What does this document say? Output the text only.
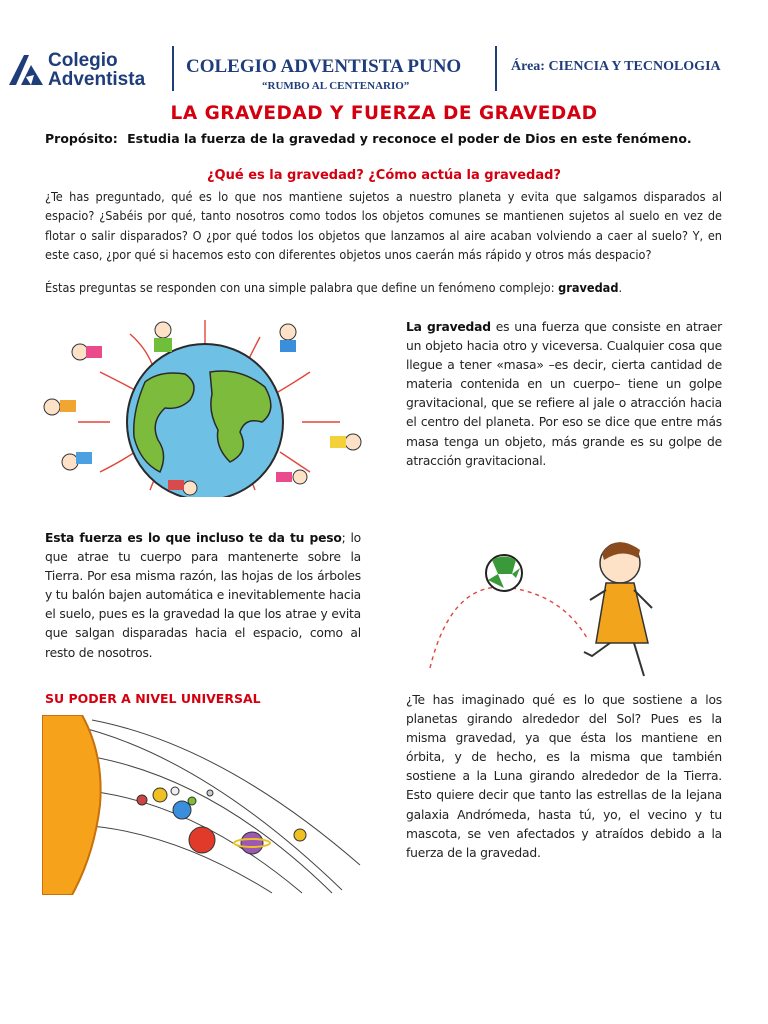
Colegio
Adventista
COLEGIO ADVENTISTA PUNO
“RUMBO AL CENTENARIO”
Área: CIENCIA Y TECNOLOGIA
LA GRAVEDAD Y FUERZA DE GRAVEDAD
Propósito: Estudia la fuerza de la gravedad y reconoce el poder de Dios en este fenómeno.
¿Qué es la gravedad? ¿Cómo actúa la gravedad?
¿Te has preguntado, qué es lo que nos mantiene sujetos a nuestro planeta y evita que salgamos disparados al espacio? ¿Sabéis por qué, tanto nosotros como todos los objetos comunes se mantienen sujetos al suelo en vez de flotar o salir disparados? O ¿por qué todos los objetos que lanzamos al aire acaban volviendo a caer al suelo? Y, en este caso, ¿por qué si hacemos esto con diferentes objetos unos caerán más rápido y otros más despacio?
Éstas preguntas se responden con una simple palabra que define un fenómeno complejo: gravedad.
La gravedad es una fuerza que consiste en atraer un objeto hacia otro y viceversa. Cualquier cosa que llegue a tener «masa» –es decir, cierta cantidad de materia contenida en un cuerpo– tiene un golpe gravitacional, que se refiere al jale o atracción hacia el centro del planeta. Por eso se dice que entre más masa tenga un objeto, más grande es su golpe de atracción gravitacional.
Esta fuerza es lo que incluso te da tu peso; lo que atrae tu cuerpo para mantenerte sobre la Tierra. Por esa misma razón, las hojas de los árboles y tu balón bajen automática e inevitablemente hacia el suelo, pues es la gravedad la que los atrae y evita que salgan disparadas hacia el espacio, como al resto de nosotros.
SU PODER A NIVEL UNIVERSAL	¿Te has imaginado qué es lo que sostiene a los planetas girando alrededor del Sol? Pues es la misma gravedad, ya que ésta los mantiene en órbita, y de hecho, es la misma que también sostiene a la Luna girando alrededor de la Tierra. Esto quiere decir que tanto las estrellas de la lejana galaxia Andrómeda, hasta tú, yo, el vecino y tu mascota, se ven afectados y atraídos debido a la fuerza de la gravedad.
